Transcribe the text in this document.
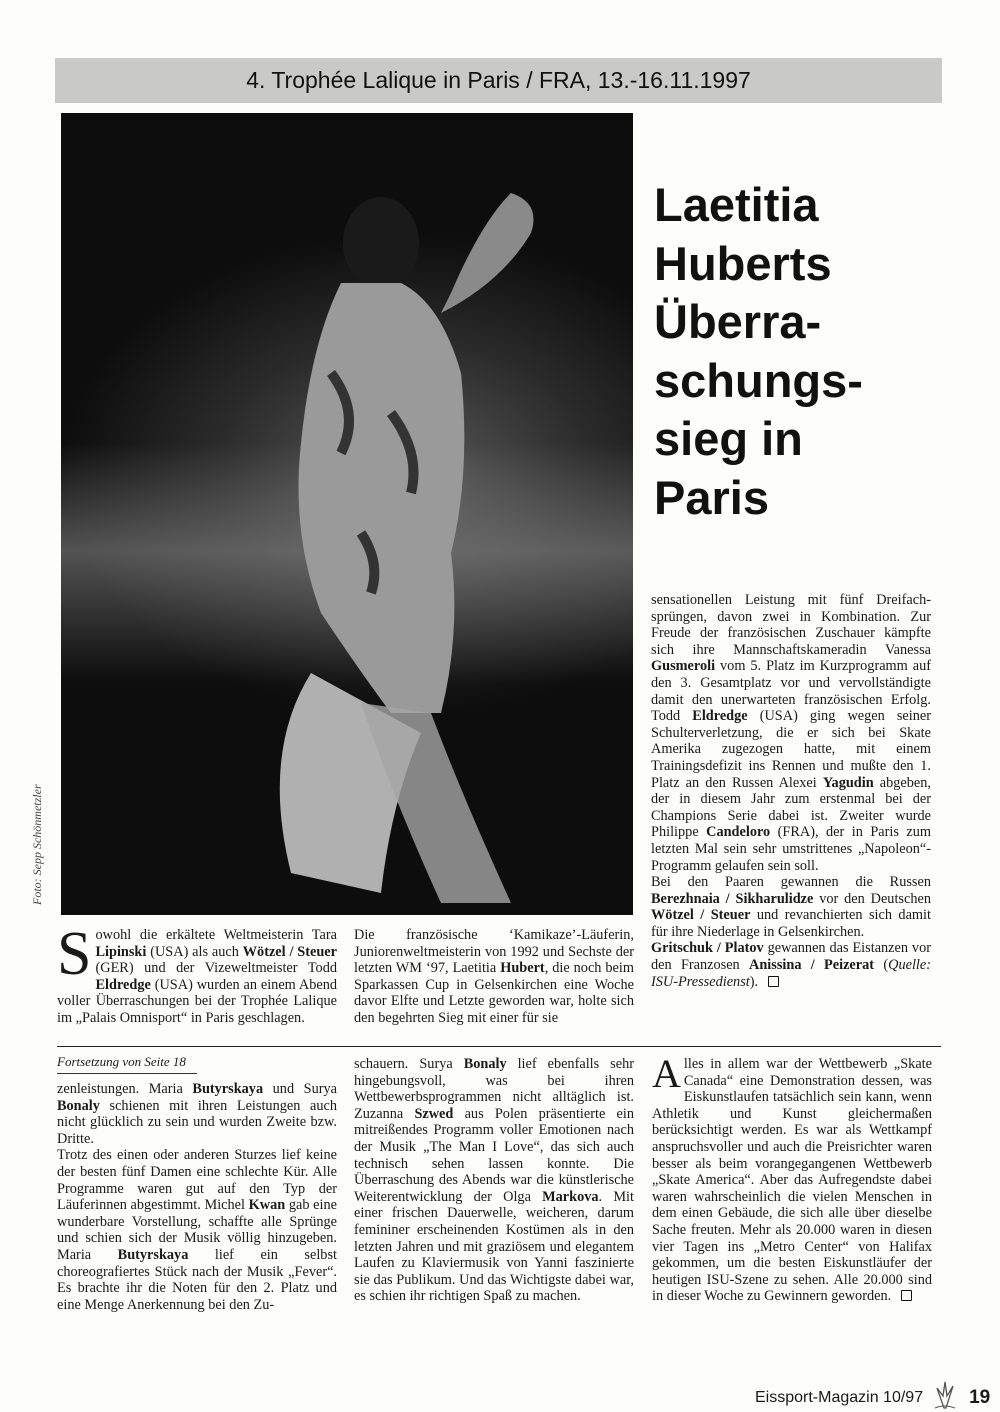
4. Trophée Lalique in Paris / FRA, 13.-16.11.1997
Foto: Sepp Schönmetzler
Laetitia
Huberts
Überra-
schungs-
sieg in
Paris
S owohl die erkältete Weltmeisterin Tara Lipinski (USA) als auch Wötzel / Steuer (GER) und der Vizeweltmeister Todd Eldredge (USA) wurden an einem Abend voller Überraschungen bei der Trophée Lalique im „Palais Omnisport“ in Paris geschlagen.

Die französische ‘Kamikaze’-Läuferin, Juniorenweltmeisterin von 1992 und Sechste der letzten WM ‘97, Laetitia Hubert, die noch beim Sparkassen Cup in Gelsenkirchen eine Woche davor Elfte und Letzte geworden war, holte sich den begehrten Sieg mit einer für sie

sensationellen Leistung mit fünf Dreifachsprüngen, davon zwei in Kombination. Zur Freude der französischen Zuschauer kämpfte sich ihre Mannschaftskameradin Vanessa Gusmeroli vom 5. Platz im Kurzprogramm auf den 3. Gesamtplatz vor und vervollständigte damit den unerwarteten französischen Erfolg. Todd Eldredge (USA) ging wegen seiner Schulterverletzung, die er sich bei Skate Amerika zugezogen hatte, mit einem Trainingsdefizit ins Rennen und mußte den 1. Platz an den Russen Alexei Yagudin abgeben, der in diesem Jahr zum erstenmal bei der Champions Serie dabei ist. Zweiter wurde Philippe Candeloro (FRA), der in Paris zum letzten Mal sein sehr umstrittenes „Napoleon“-Programm gelaufen sein soll.

Bei den Paaren gewannen die Russen Berezhnaia / Sikharulidze vor den Deutschen Wötzel / Steuer und revanchierten sich damit für ihre Niederlage in Gelsenkirchen.

Gritschuk / Platov gewannen das Eistanzen vor den Franzosen Anissina / Peizerat (Quelle: ISU-Pressedienst).

Fortsetzung von Seite 18

zenleistungen. Maria Butyrskaya und Surya Bonaly schienen mit ihren Leistungen auch nicht glücklich zu sein und wurden Zweite bzw. Dritte.

Trotz des einen oder anderen Sturzes lief keine der besten fünf Damen eine schlechte Kür. Alle Programme waren gut auf den Typ der Läuferinnen abgestimmt. Michel Kwan gab eine wunderbare Vorstellung, schaffte alle Sprünge und schien sich der Musik völlig hinzugeben. Maria Butyrskaya lief ein selbst choreografiertes Stück nach der Musik „Fever“. Es brachte ihr die Noten für den 2. Platz und eine Menge Anerkennung bei den Zu-

schauern. Surya Bonaly lief ebenfalls sehr hingebungsvoll, was bei ihren Wettbewerbsprogrammen nicht alltäglich ist. Zuzanna Szwed aus Polen präsentierte ein mitreißendes Programm voller Emotionen nach der Musik „The Man I Love“, das sich auch technisch sehen lassen konnte. Die Überraschung des Abends war die künstlerische Weiterentwicklung der Olga Markova. Mit einer frischen Dauerwelle, weicheren, darum femininer erscheinenden Kostümen als in den letzten Jahren und mit graziösem und elegantem Laufen zu Klaviermusik von Yanni faszinierte sie das Publikum. Und das Wichtigste dabei war, es schien ihr richtigen Spaß zu machen.

A lles in allem war der Wettbewerb „Skate Canada“ eine Demonstration dessen, was Eiskunstlaufen tatsächlich sein kann, wenn Athletik und Kunst gleichermaßen berücksichtigt werden. Es war als Wettkampf anspruchsvoller und auch die Preisrichter waren besser als beim vorangegangenen Wettbewerb „Skate America“. Aber das Aufregendste dabei waren wahrscheinlich die vielen Menschen in dem einen Gebäude, die sich alle über dieselbe Sache freuten. Mehr als 20.000 waren in diesen vier Tagen ins „Metro Center“ von Halifax gekommen, um die besten Eiskunstläufer der heutigen ISU-Szene zu sehen. Alle 20.000 sind in dieser Woche zu Gewinnern geworden.

Eissport-Magazin 10/97 19
